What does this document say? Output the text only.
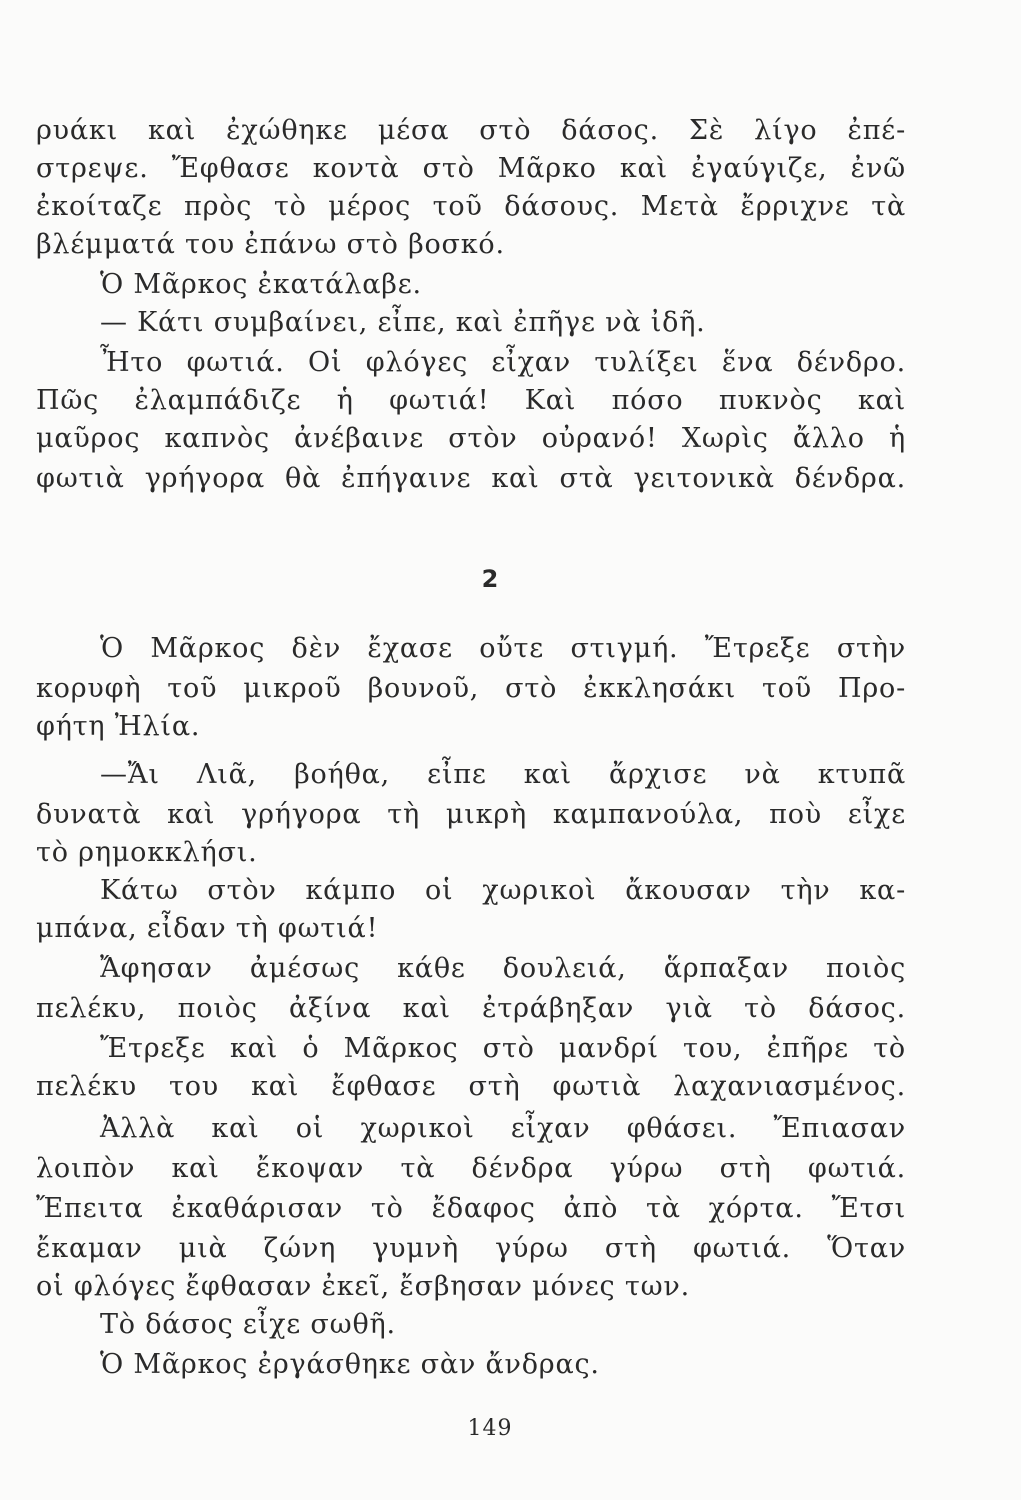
ρυάκι καὶ ἐχώθηκε μέσα στὸ δάσος. Σὲ λίγο ἐπέ-
στρεψε. Ἔφθασε κοντὰ στὸ Μᾶρκο καὶ ἐγαύγιζε, ἐνῶ
ἐκοίταζε πρὸς τὸ μέρος τοῦ δάσους. Μετὰ ἔρριχνε τὰ
βλέμματά του ἐπάνω στὸ βοσκό.
Ὁ Μᾶρκος ἐκατάλαβε.
— Κάτι συμβαίνει, εἶπε, καὶ ἐπῆγε νὰ ἰδῆ.
Ἦτο φωτιά. Οἱ φλόγες εἶχαν τυλίξει ἕνα δένδρο.
Πῶς ἐλαμπάδιζε ἡ φωτιά! Καὶ πόσο πυκνὸς καὶ
μαῦρος καπνὸς ἀνέβαινε στὸν οὐρανό! Χωρὶς ἄλλο ἡ
φωτιὰ γρήγορα θὰ ἐπήγαινε καὶ στὰ γειτονικὰ δένδρα.
2
Ὁ Μᾶρκος δὲν ἔχασε οὔτε στιγμή. Ἔτρεξε στὴν
κορυφὴ τοῦ μικροῦ βουνοῦ, στὸ ἐκκλησάκι τοῦ Προ-
φήτη Ἠλία.
—Ἄι Λιᾶ, βοήθα, εἶπε καὶ ἄρχισε νὰ κτυπᾶ
δυνατὰ καὶ γρήγορα τὴ μικρὴ καμπανούλα, ποὺ εἶχε
τὸ ρημοκκλήσι.
Κάτω στὸν κάμπο οἱ χωρικοὶ ἄκουσαν τὴν κα-
μπάνα, εἶδαν τὴ φωτιά!
Ἄφησαν ἀμέσως κάθε δουλειά, ἅρπαξαν ποιὸς
πελέκυ, ποιὸς ἀξίνα καὶ ἐτράβηξαν γιὰ τὸ δάσος.
Ἔτρεξε καὶ ὁ Μᾶρκος στὸ μανδρί του, ἐπῆρε τὸ
πελέκυ του καὶ ἔφθασε στὴ φωτιὰ λαχανιασμένος.
Ἀλλὰ καὶ οἱ χωρικοὶ εἶχαν φθάσει. Ἔπιασαν
λοιπὸν καὶ ἔκοψαν τὰ δένδρα γύρω στὴ φωτιά.
Ἔπειτα ἐκαθάρισαν τὸ ἔδαφος ἀπὸ τὰ χόρτα. Ἔτσι
ἔκαμαν μιὰ ζώνη γυμνὴ γύρω στὴ φωτιά. Ὅταν
οἱ φλόγες ἔφθασαν ἐκεῖ, ἔσβησαν μόνες των.
Τὸ δάσος εἶχε σωθῆ.
Ὁ Μᾶρκος ἐργάσθηκε σὰν ἄνδρας.
149
